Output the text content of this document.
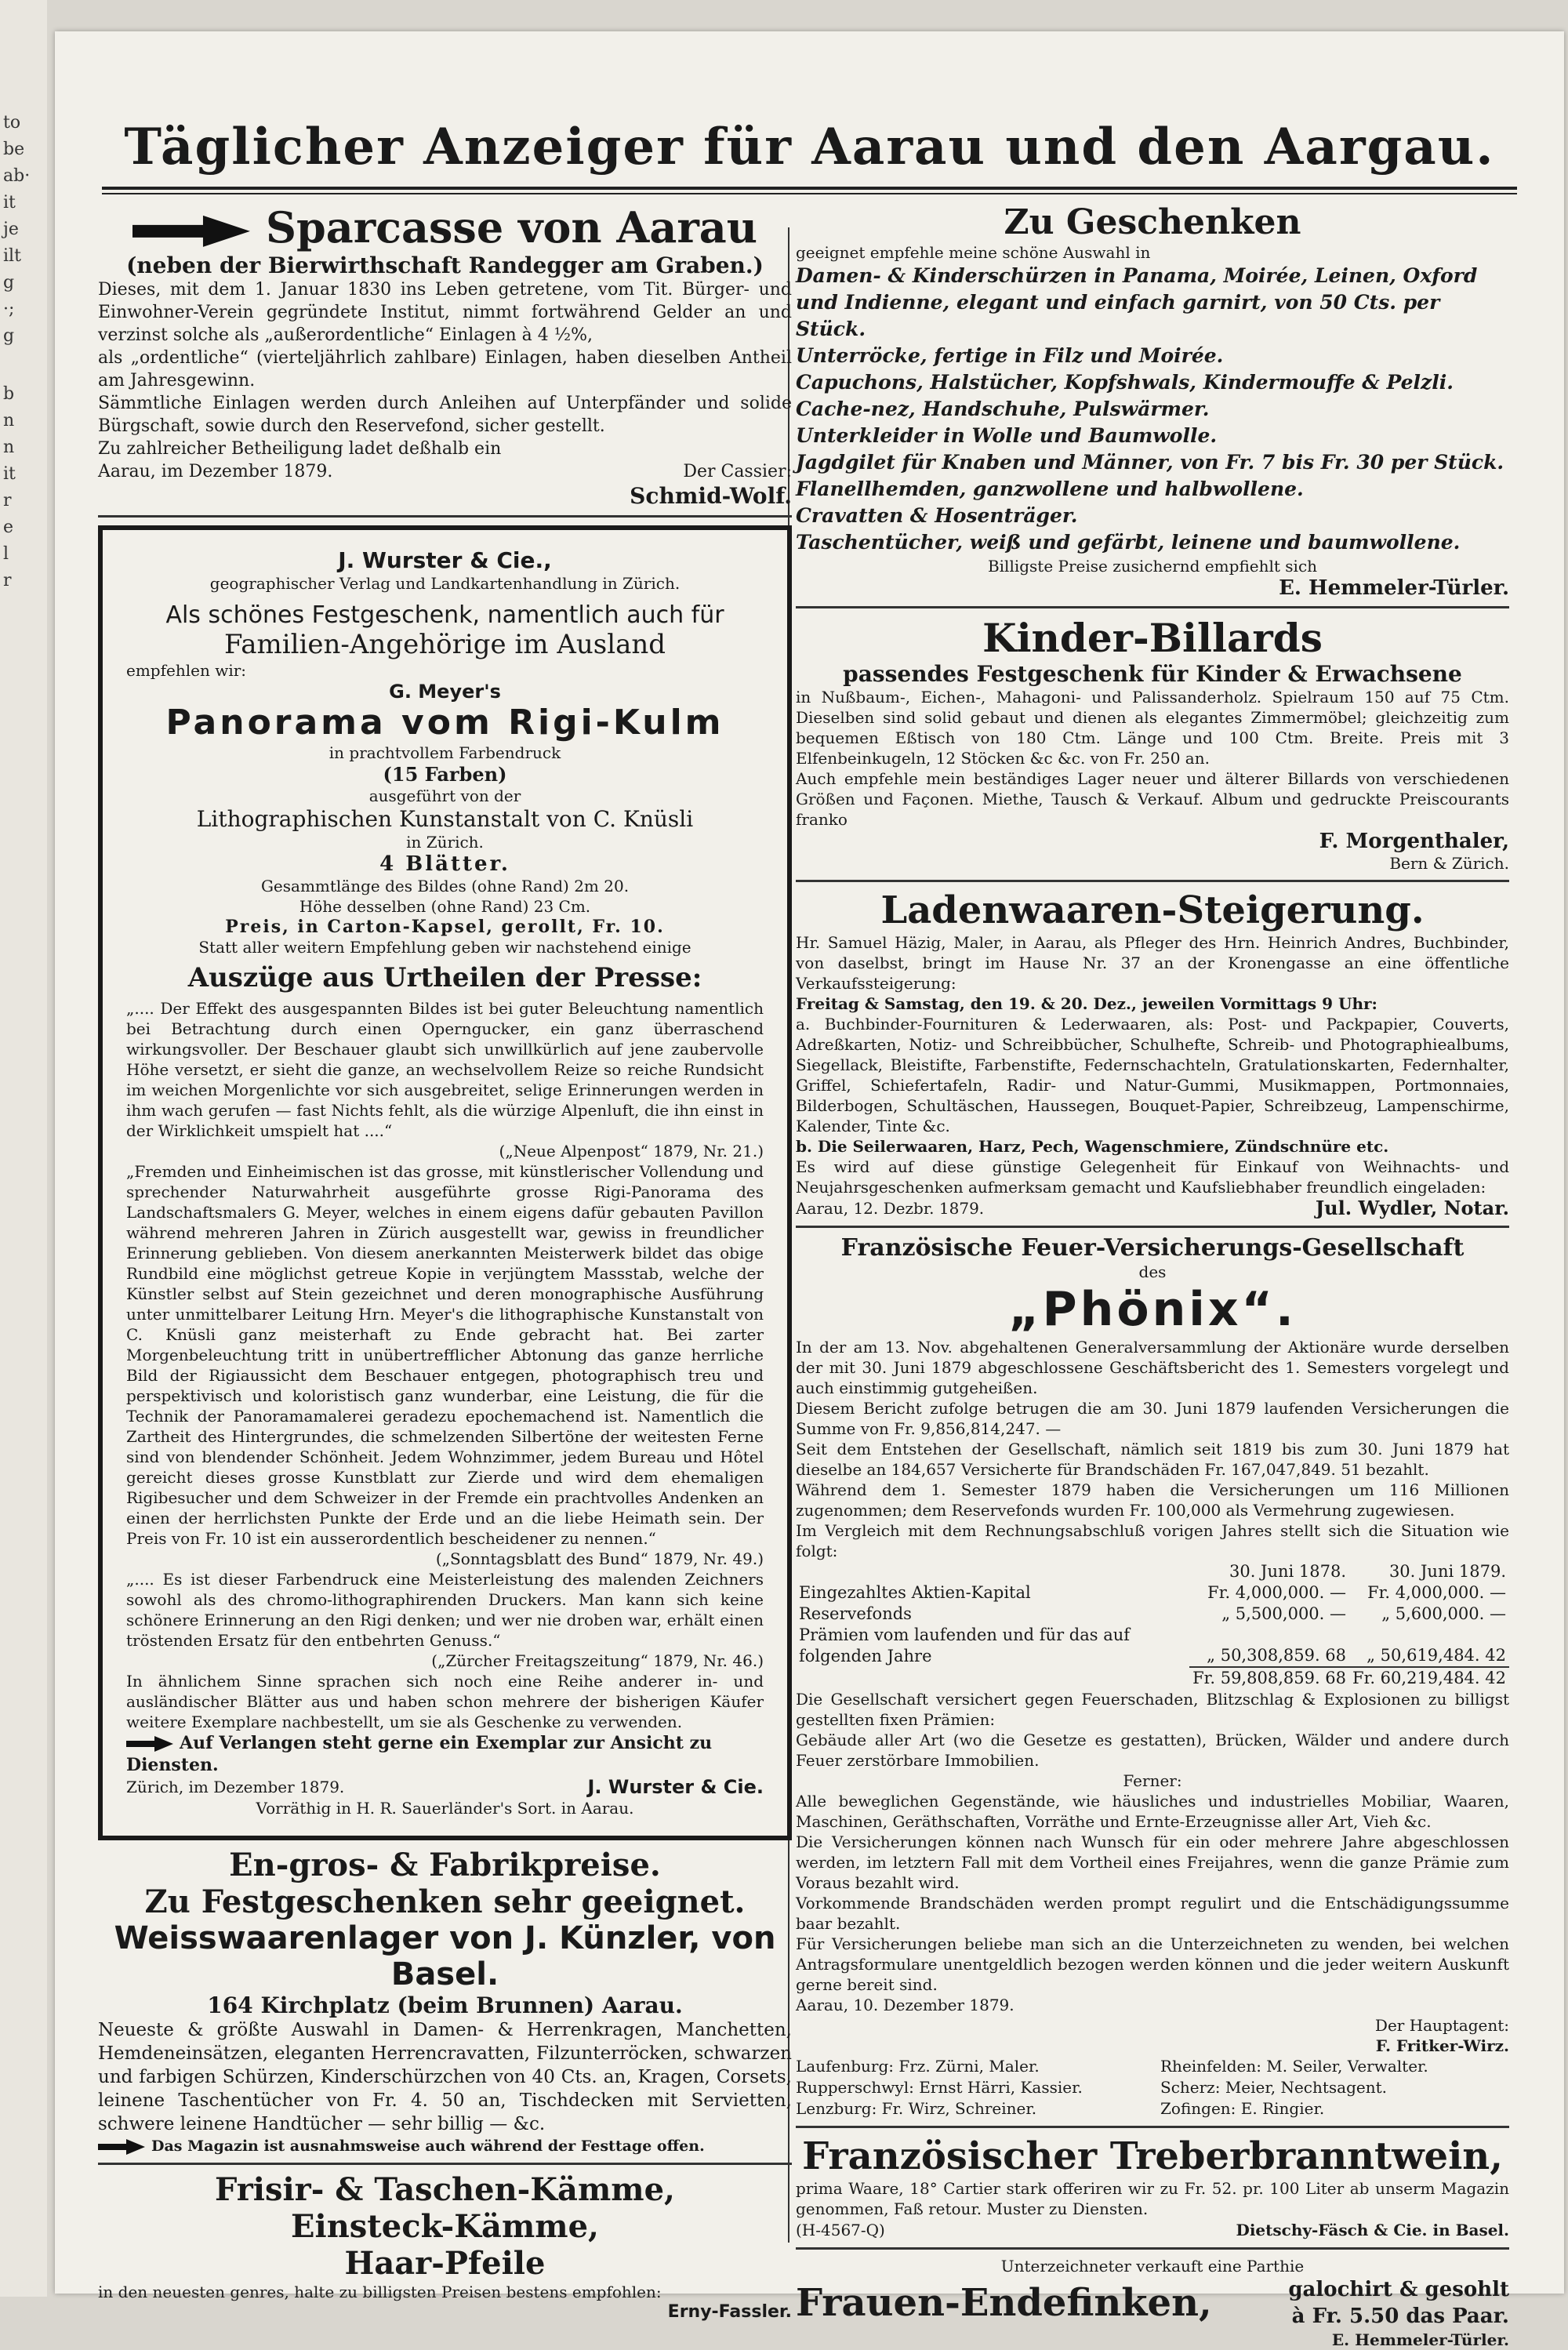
to
be
ab·
it
je
ilt
g
·;
g
b
n
n
it
r
e
l
r
Täglicher Anzeiger für Aarau und den Aargau.
Sparcasse von Aarau
(neben der Bierwirthschaft Randegger am Graben.)

Dieses, mit dem 1. Januar 1830 ins Leben getretene, vom Tit. Bürger- und Einwohner-Verein gegründete Institut, nimmt fortwährend Gelder an und verzinst solche als „außerordentliche“ Einlagen à 4 ½%,

als „ordentliche“ (vierteljährlich zahlbare) Einlagen, haben dieselben Antheil am Jahresgewinn.

Sämmtliche Einlagen werden durch Anleihen auf Unterpfänder und solide Bürgschaft, sowie durch den Reservefond, sicher gestellt.

Zu zahlreicher Betheiligung ladet deßhalb ein

Aarau, im Dezember 1879.	Der Cassier:
Schmid-Wolf.
J. Wurster & Cie.,
geographischer Verlag und Landkartenhandlung in Zürich.
Als schönes Festgeschenk, namentlich auch für
Familien-Angehörige im Ausland
empfehlen wir:
G. Meyer's
Panorama vom Rigi-Kulm
in prachtvollem Farbendruck
(15 Farben)
ausgeführt von der
Lithographischen Kunstanstalt von C. Knüsli
in Zürich.
4 Blätter.
Gesammtlänge des Bildes (ohne Rand) 2m 20.
Höhe desselben (ohne Rand) 23 Cm.
Preis, in Carton-Kapsel, gerollt, Fr. 10.
Statt aller weitern Empfehlung geben wir nachstehend einige
Auszüge aus Urtheilen der Presse:

„.... Der Effekt des ausgespannten Bildes ist bei guter Beleuchtung namentlich bei Betrachtung durch einen Operngucker, ein ganz überraschend wirkungsvoller. Der Beschauer glaubt sich unwillkürlich auf jene zaubervolle Höhe versetzt, er sieht die ganze, an wechselvollem Reize so reiche Rundsicht im weichen Morgenlichte vor sich ausgebreitet, selige Erinnerungen werden in ihm wach gerufen — fast Nichts fehlt, als die würzige Alpenluft, die ihn einst in der Wirklichkeit umspielt hat ....“

(„Neue Alpenpost“ 1879, Nr. 21.)

„Fremden und Einheimischen ist das grosse, mit künstlerischer Vollendung und sprechender Naturwahrheit ausgeführte grosse Rigi-Panorama des Landschaftsmalers G. Meyer, welches in einem eigens dafür gebauten Pavillon während mehreren Jahren in Zürich ausgestellt war, gewiss in freundlicher Erinnerung geblieben. Von diesem anerkannten Meisterwerk bildet das obige Rundbild eine möglichst getreue Kopie in verjüngtem Massstab, welche der Künstler selbst auf Stein gezeichnet und deren monographische Ausführung unter unmittelbarer Leitung Hrn. Meyer's die lithographische Kunstanstalt von C. Knüsli ganz meisterhaft zu Ende gebracht hat. Bei zarter Morgenbeleuchtung tritt in unübertrefflicher Abtonung das ganze herrliche Bild der Rigiaussicht dem Beschauer entgegen, photographisch treu und perspektivisch und koloristisch ganz wunderbar, eine Leistung, die für die Technik der Panoramamalerei geradezu epochemachend ist. Namentlich die Zartheit des Hintergrundes, die schmelzenden Silbertöne der weitesten Ferne sind von blendender Schönheit. Jedem Wohnzimmer, jedem Bureau und Hôtel gereicht dieses grosse Kunstblatt zur Zierde und wird dem ehemaligen Rigibesucher und dem Schweizer in der Fremde ein prachtvolles Andenken an einen der herrlichsten Punkte der Erde und an die liebe Heimath sein. Der Preis von Fr. 10 ist ein ausserordentlich bescheidener zu nennen.“

(„Sonntagsblatt des Bund“ 1879, Nr. 49.)

„.... Es ist dieser Farbendruck eine Meisterleistung des malenden Zeichners sowohl als des chromo-lithographirenden Druckers. Man kann sich keine schönere Erinnerung an den Rigi denken; und wer nie droben war, erhält einen tröstenden Ersatz für den entbehrten Genuss.“

(„Zürcher Freitagszeitung“ 1879, Nr. 46.)

In ähnlichem Sinne sprachen sich noch eine Reihe anderer in- und ausländischer Blätter aus und haben schon mehrere der bisherigen Käufer weitere Exemplare nachbestellt, um sie als Geschenke zu verwenden.

Auf Verlangen steht gerne ein Exemplar zur Ansicht zu Diensten.
Zürich, im Dezember 1879.	J. Wurster & Cie.
Vorräthig in H. R. Sauerländer's Sort. in Aarau.
En-gros- & Fabrikpreise.
Zu Festgeschenken sehr geeignet.
Weisswaarenlager von J. Künzler, von Basel.
164 Kirchplatz (beim Brunnen) Aarau.

Neueste & größte Auswahl in Damen- & Herrenkragen, Manchetten, Hemdeneinsätzen, eleganten Herrencravatten, Filzunterröcken, schwarzen und farbigen Schürzen, Kinderschürzchen von 40 Cts. an, Kragen, Corsets, leinene Taschentücher von Fr. 4. 50 an, Tischdecken mit Servietten, schwere leinene Handtücher — sehr billig — &c.

Das Magazin ist ausnahmsweise auch während der Festtage offen.
Frisir- & Taschen-Kämme,
Einsteck-Kämme,
Haar-Pfeile

in den neuesten genres, halte zu billigsten Preisen bestens empfohlen:

Erny-Fassler.
Zu Geschenken
geeignet empfehle meine schöne Auswahl in

Damen- & Kinderschürzen in Panama, Moirée, Leinen, Oxford und Indienne, elegant und einfach garnirt, von 50 Cts. per Stück.

Unterröcke, fertige in Filz und Moirée.

Capuchons, Halstücher, Kopfshwals, Kindermouffe & Pelzli.

Cache-nez, Handschuhe, Pulswärmer.

Unterkleider in Wolle und Baumwolle.

Jagdgilet für Knaben und Männer, von Fr. 7 bis Fr. 30 per Stück.

Flanellhemden, ganzwollene und halbwollene.

Cravatten & Hosenträger.

Taschentücher, weiß und gefärbt, leinene und baumwollene.

Billigste Preise zusichernd empfiehlt sich
E. Hemmeler-Türler.
Kinder-Billards
passendes Festgeschenk für Kinder & Erwachsene

in Nußbaum-, Eichen-, Mahagoni- und Palissanderholz. Spielraum 150 auf 75 Ctm. Dieselben sind solid gebaut und dienen als elegantes Zimmermöbel; gleichzeitig zum bequemen Eßtisch von 180 Ctm. Länge und 100 Ctm. Breite. Preis mit 3 Elfenbeinkugeln, 12 Stöcken &c &c. von Fr. 250 an.

Auch empfehle mein beständiges Lager neuer und älterer Billards von verschiedenen Größen und Façonen. Miethe, Tausch & Verkauf. Album und gedruckte Preiscourants franko

F. Morgenthaler,
Bern & Zürich.
Ladenwaaren-Steigerung.

Hr. Samuel Häzig, Maler, in Aarau, als Pfleger des Hrn. Heinrich Andres, Buchbinder, von daselbst, bringt im Hause Nr. 37 an der Kronengasse an eine öffentliche Verkaufssteigerung:

Freitag & Samstag, den 19. & 20. Dez., jeweilen Vormittags 9 Uhr:

a. Buchbinder-Fournituren & Lederwaaren, als: Post- und Packpapier, Couverts, Adreßkarten, Notiz- und Schreibbücher, Schulhefte, Schreib- und Photographiealbums, Siegellack, Bleistifte, Farbenstifte, Federnschachteln, Gratulationskarten, Federnhalter, Griffel, Schiefertafeln, Radir- und Natur-Gummi, Musikmappen, Portmonnaies, Bilderbogen, Schultäschen, Haussegen, Bouquet-Papier, Schreibzeug, Lampenschirme, Kalender, Tinte &c.

b. Die Seilerwaaren, Harz, Pech, Wagenschmiere, Zündschnüre etc.

Es wird auf diese günstige Gelegenheit für Einkauf von Weihnachts- und Neujahrsgeschenken aufmerksam gemacht und Kaufsliebhaber freundlich eingeladen:

Aarau, 12. Dezbr. 1879.	Jul. Wydler, Notar.
Französische Feuer-Versicherungs-Gesellschaft
des
„Phönix“.

In der am 13. Nov. abgehaltenen Generalversammlung der Aktionäre wurde derselben der mit 30. Juni 1879 abgeschlossene Geschäftsbericht des 1. Semesters vorgelegt und auch einstimmig gutgeheißen.

Diesem Bericht zufolge betrugen die am 30. Juni 1879 laufenden Versicherungen die Summe von Fr. 9,856,814,247. —

Seit dem Entstehen der Gesellschaft, nämlich seit 1819 bis zum 30. Juni 1879 hat dieselbe an 184,657 Versicherte für Brandschäden Fr. 167,047,849. 51 bezahlt.

Während dem 1. Semester 1879 haben die Versicherungen um 116 Millionen zugenommen; dem Reservefonds wurden Fr. 100,000 als Vermehrung zugewiesen.

Im Vergleich mit dem Rechnungsabschluß vorigen Jahres stellt sich die Situation wie folgt:

	30. Juni 1878.	30. Juni 1879.
Eingezahltes Aktien-Kapital	Fr. 4,000,000. —	Fr. 4,000,000. —
Reservefonds	„ 5,500,000. —	„ 5,600,000. —
Prämien vom laufenden und für das auf folgenden Jahre	„ 50,308,859. 68	„ 50,619,484. 42
	Fr. 59,808,859. 68	Fr. 60,219,484. 42

Die Gesellschaft versichert gegen Feuerschaden, Blitzschlag & Explosionen zu billigst gestellten fixen Prämien:

Gebäude aller Art (wo die Gesetze es gestatten), Brücken, Wälder und andere durch Feuer zerstörbare Immobilien.

Ferner:

Alle beweglichen Gegenstände, wie häusliches und industrielles Mobiliar, Waaren, Maschinen, Geräthschaften, Vorräthe und Ernte-Erzeugnisse aller Art, Vieh &c.

Die Versicherungen können nach Wunsch für ein oder mehrere Jahre abgeschlossen werden, im letztern Fall mit dem Vortheil eines Freijahres, wenn die ganze Prämie zum Voraus bezahlt wird.

Vorkommende Brandschäden werden prompt regulirt und die Entschädigungssumme baar bezahlt.

Für Versicherungen beliebe man sich an die Unterzeichneten zu wenden, bei welchen Antragsformulare unentgeldlich bezogen werden können und die jeder weitern Auskunft gerne bereit sind.

Aarau, 10. Dezember 1879.
Der Hauptagent:
F. Fritker-Wirz.
Laufenburg: Frz. Zürni, Maler.	Rheinfelden: M. Seiler, Verwalter.
Rupperschwyl: Ernst Härri, Kassier.	Scherz: Meier, Nechtsagent.
Lenzburg: Fr. Wirz, Schreiner.	Zofingen: E. Ringier.
Französischer Treberbranntwein,

prima Waare, 18° Cartier stark offeriren wir zu Fr. 52. pr. 100 Liter ab unserm Magazin genommen, Faß retour. Muster zu Diensten.

(H-4567-Q)	Dietschy-Fäsch & Cie. in Basel.
Unterzeichneter verkauft eine Parthie
Frauen-Endefinken,	galochirt & gesohlt
à Fr. 5.50 das Paar.
E. Hemmeler-Türler.
